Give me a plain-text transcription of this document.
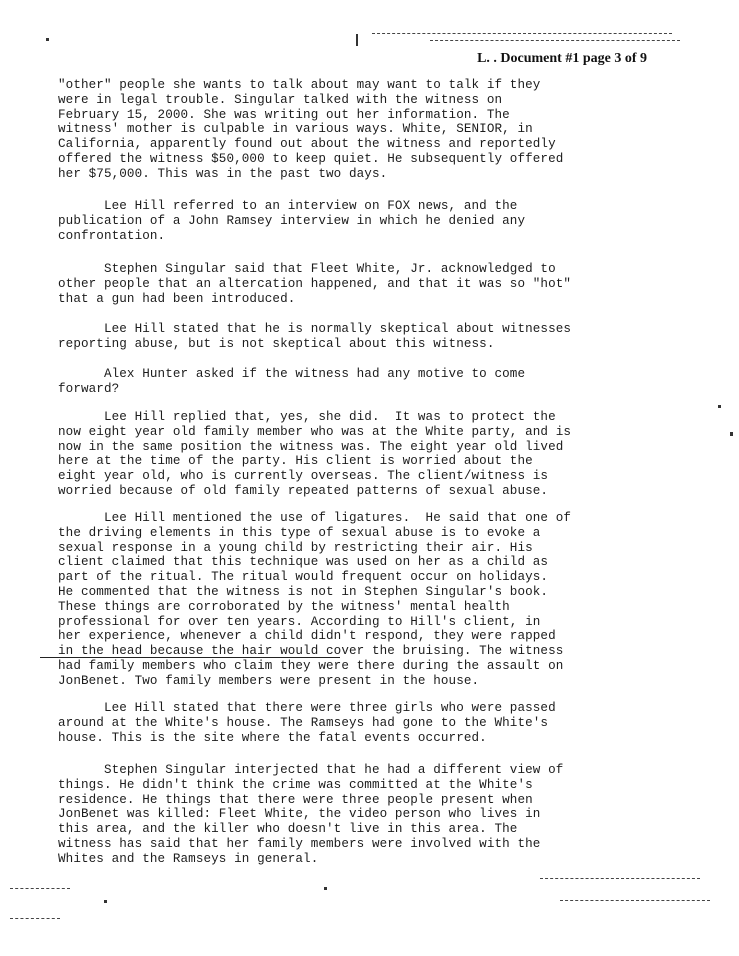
L. . Document #1 page 3 of 9
"other" people she wants to talk about may want to talk if they
were in legal trouble. Singular talked with the witness on
February 15, 2000. She was writing out her information. The
witness' mother is culpable in various ways. White, SENIOR, in
California, apparently found out about the witness and reportedly
offered the witness $50,000 to keep quiet. He subsequently offered
her $75,000. This was in the past two days.
Lee Hill referred to an interview on FOX news, and the
publication of a John Ramsey interview in which he denied any
confrontation.
Stephen Singular said that Fleet White, Jr. acknowledged to
other people that an altercation happened, and that it was so "hot"
that a gun had been introduced.
Lee Hill stated that he is normally skeptical about witnesses
reporting abuse, but is not skeptical about this witness.
Alex Hunter asked if the witness had any motive to come
forward?
Lee Hill replied that, yes, she did.  It was to protect the
now eight year old family member who was at the White party, and is
now in the same position the witness was. The eight year old lived
here at the time of the party. His client is worried about the
eight year old, who is currently overseas. The client/witness is
worried because of old family repeated patterns of sexual abuse.
Lee Hill mentioned the use of ligatures.  He said that one of
the driving elements in this type of sexual abuse is to evoke a
sexual response in a young child by restricting their air. His
client claimed that this technique was used on her as a child as
part of the ritual. The ritual would frequent occur on holidays.
He commented that the witness is not in Stephen Singular's book.
These things are corroborated by the witness' mental health
professional for over ten years. According to Hill's client, in
her experience, whenever a child didn't respond, they were rapped
in the head because the hair would cover the bruising. The witness
had family members who claim they were there during the assault on
JonBenet. Two family members were present in the house.
Lee Hill stated that there were three girls who were passed
around at the White's house. The Ramseys had gone to the White's
house. This is the site where the fatal events occurred.
Stephen Singular interjected that he had a different view of
things. He didn't think the crime was committed at the White's
residence. He things that there were three people present when
JonBenet was killed: Fleet White, the video person who lives in
this area, and the killer who doesn't live in this area. The
witness has said that her family members were involved with the
Whites and the Ramseys in general.
